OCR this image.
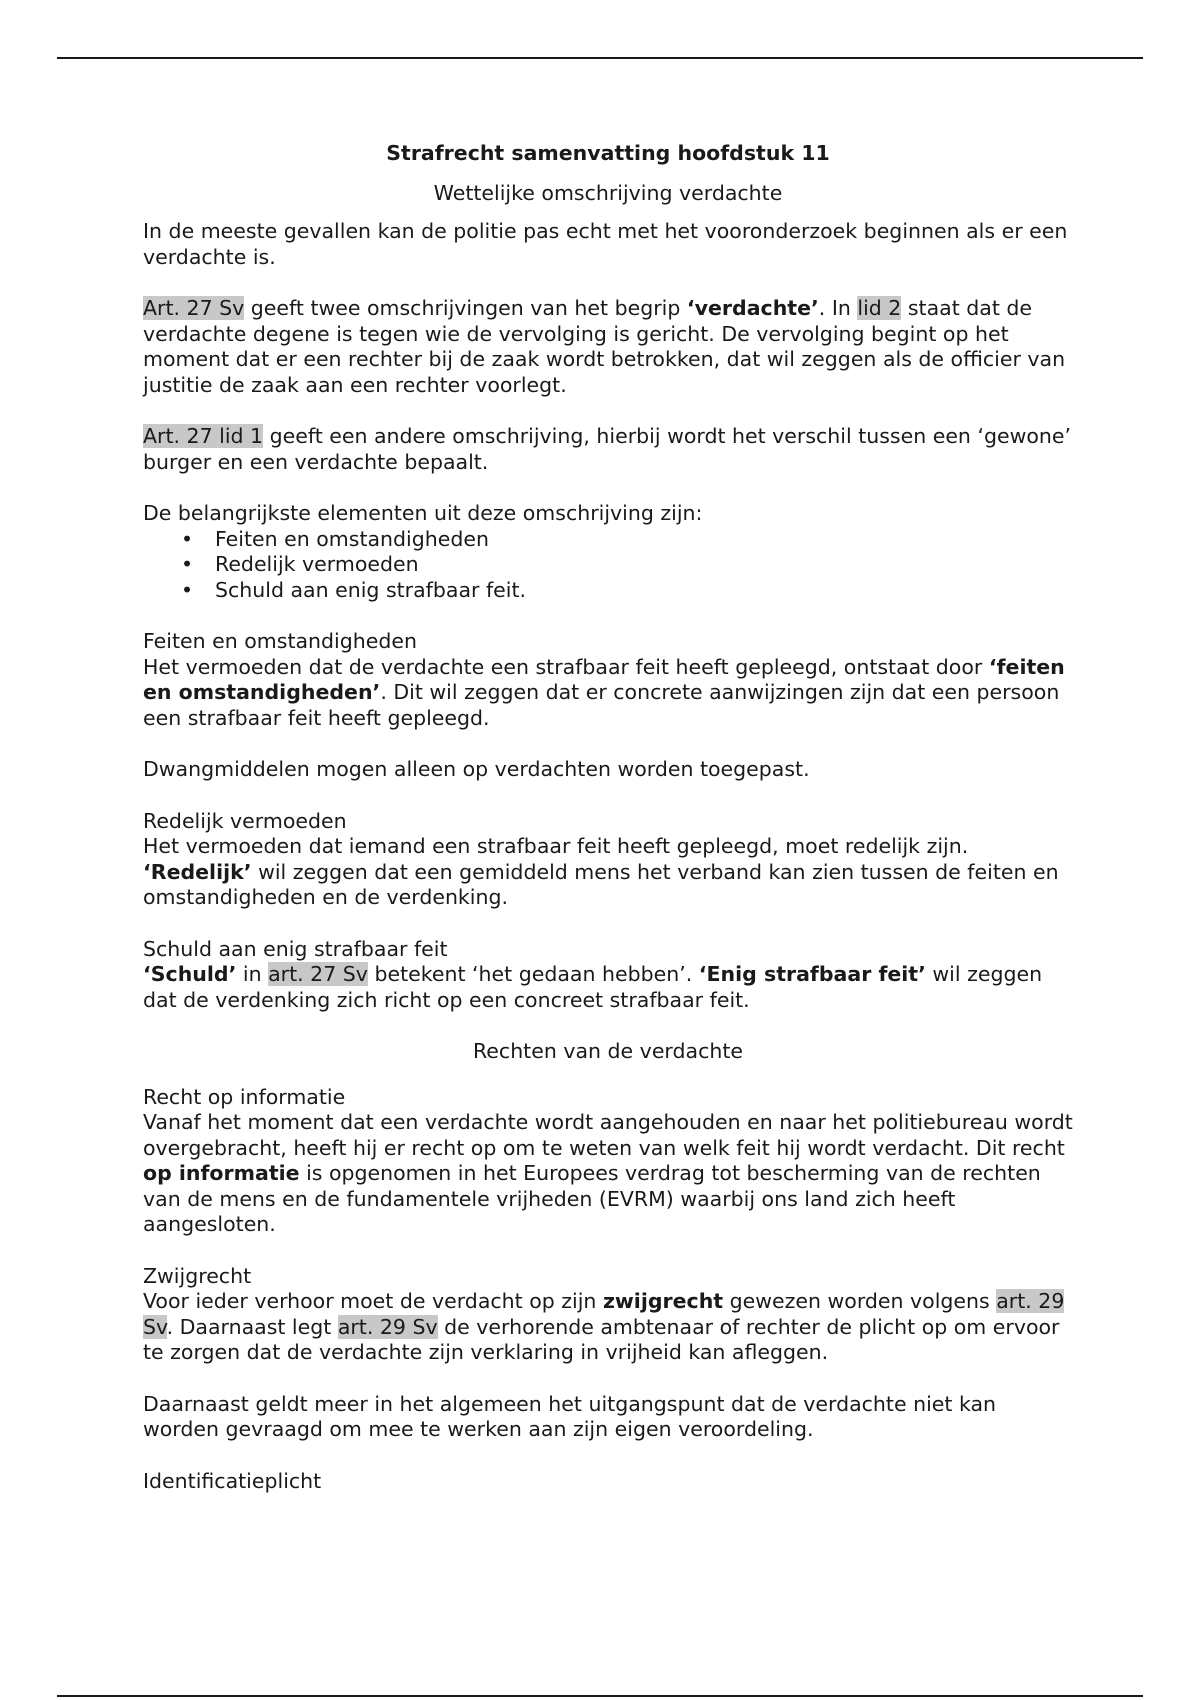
Strafrecht samenvatting hoofdstuk 11
Wettelijke omschrijving verdachte

In de meeste gevallen kan de politie pas echt met het vooronderzoek beginnen als er een verdachte is.

Art. 27 Sv geeft twee omschrijvingen van het begrip ‘verdachte’. In lid 2 staat dat de verdachte degene is tegen wie de vervolging is gericht. De vervolging begint op het moment dat er een rechter bij de zaak wordt betrokken, dat wil zeggen als de officier van justitie de zaak aan een rechter voorlegt.

Art. 27 lid 1 geeft een andere omschrijving, hierbij wordt het verschil tussen een ‘gewone’ burger en een verdachte bepaalt.

De belangrijkste elementen uit deze omschrijving zijn:

• Feiten en omstandigheden
• Redelijk vermoeden
• Schuld aan enig strafbaar feit.

Feiten en omstandigheden
Het vermoeden dat de verdachte een strafbaar feit heeft gepleegd, ontstaat door ‘feiten en omstandigheden’. Dit wil zeggen dat er concrete aanwijzingen zijn dat een persoon een strafbaar feit heeft gepleegd.

Dwangmiddelen mogen alleen op verdachten worden toegepast.

Redelijk vermoeden
Het vermoeden dat iemand een strafbaar feit heeft gepleegd, moet redelijk zijn.
‘Redelijk’ wil zeggen dat een gemiddeld mens het verband kan zien tussen de feiten en omstandigheden en de verdenking.

Schuld aan enig strafbaar feit
‘Schuld’ in art. 27 Sv betekent ‘het gedaan hebben’. ‘Enig strafbaar feit’ wil zeggen dat de verdenking zich richt op een concreet strafbaar feit.

Rechten van de verdachte

Recht op informatie
Vanaf het moment dat een verdachte wordt aangehouden en naar het politiebureau wordt overgebracht, heeft hij er recht op om te weten van welk feit hij wordt verdacht. Dit recht op informatie is opgenomen in het Europees verdrag tot bescherming van de rechten van de mens en de fundamentele vrijheden (EVRM) waarbij ons land zich heeft aangesloten.

Zwijgrecht
Voor ieder verhoor moet de verdacht op zijn zwijgrecht gewezen worden volgens art. 29 Sv. Daarnaast legt art. 29 Sv de verhorende ambtenaar of rechter de plicht op om ervoor te zorgen dat de verdachte zijn verklaring in vrijheid kan afleggen.

Daarnaast geldt meer in het algemeen het uitgangspunt dat de verdachte niet kan worden gevraagd om mee te werken aan zijn eigen veroordeling.

Identificatieplicht
